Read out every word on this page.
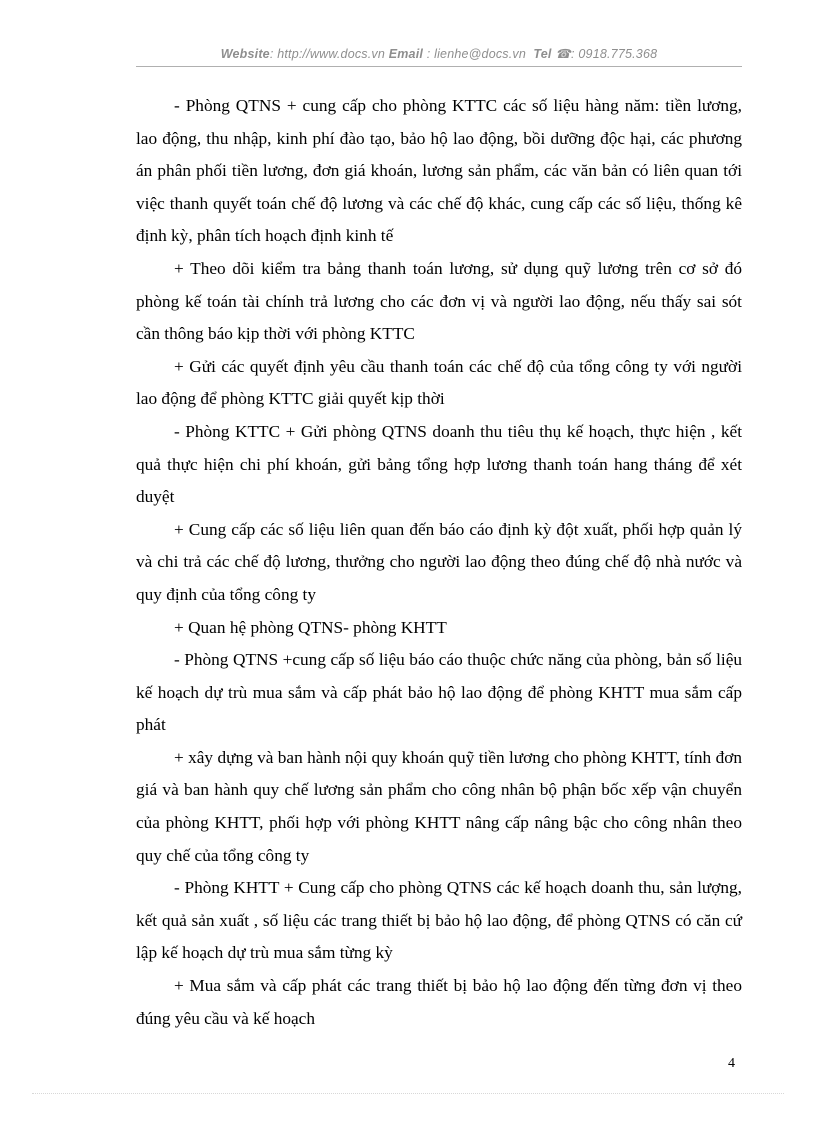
Website: http://www.docs.vn Email : lienhe@docs.vn Tel ☎: 0918.775.368

- Phòng QTNS + cung cấp cho phòng KTTC các số liệu hàng năm: tiền lương, lao động, thu nhập, kinh phí đào tạo, bảo hộ lao động, bồi dưỡng độc hại, các phương án phân phối tiền lương, đơn giá khoán, lương sản phẩm, các văn bản có liên quan tới việc thanh quyết toán chế độ lương và các chế độ khác, cung cấp các số liệu, thống kê định kỳ, phân tích hoạch định kinh tế

+ Theo dõi kiểm tra bảng thanh toán lương, sử dụng quỹ lương trên cơ sở đó phòng kế toán tài chính trả lương cho các đơn vị và người lao động, nếu thấy sai sót cần thông báo kịp thời với phòng KTTC

+ Gửi các quyết định yêu cầu thanh toán các chế độ của tổng công ty với người lao động để phòng KTTC giải quyết kịp thời

- Phòng KTTC + Gửi phòng QTNS doanh thu tiêu thụ kế hoạch, thực hiện , kết quả thực hiện chi phí khoán, gửi bảng tổng hợp lương thanh toán hang tháng để xét duyệt

+ Cung cấp các số liệu liên quan đến báo cáo định kỳ đột xuất, phối hợp quản lý và chi trả các chế độ lương, thưởng cho người lao động theo đúng chế độ nhà nước và quy định của tổng công ty

+ Quan hệ phòng QTNS- phòng KHTT

- Phòng QTNS +cung cấp số liệu báo cáo thuộc chức năng của phòng, bản số liệu kế hoạch dự trù mua sắm và cấp phát bảo hộ lao động để phòng KHTT mua sắm cấp phát

+ xây dựng và ban hành nội quy khoán quỹ tiền lương cho phòng KHTT, tính đơn giá và ban hành quy chế lương sản phẩm cho công nhân bộ phận bốc xếp vận chuyển của phòng KHTT, phối hợp với phòng KHTT nâng cấp nâng bậc cho công nhân theo quy chế của tổng công ty

- Phòng KHTT + Cung cấp cho phòng QTNS các kế hoạch doanh thu, sản lượng, kết quả sản xuất , số liệu các trang thiết bị bảo hộ lao động, để phòng QTNS có căn cứ lập kế hoạch dự trù mua sắm từng kỳ

+ Mua sắm và cấp phát các trang thiết bị bảo hộ lao động đến từng đơn vị theo đúng yêu cầu và kế hoạch

4
